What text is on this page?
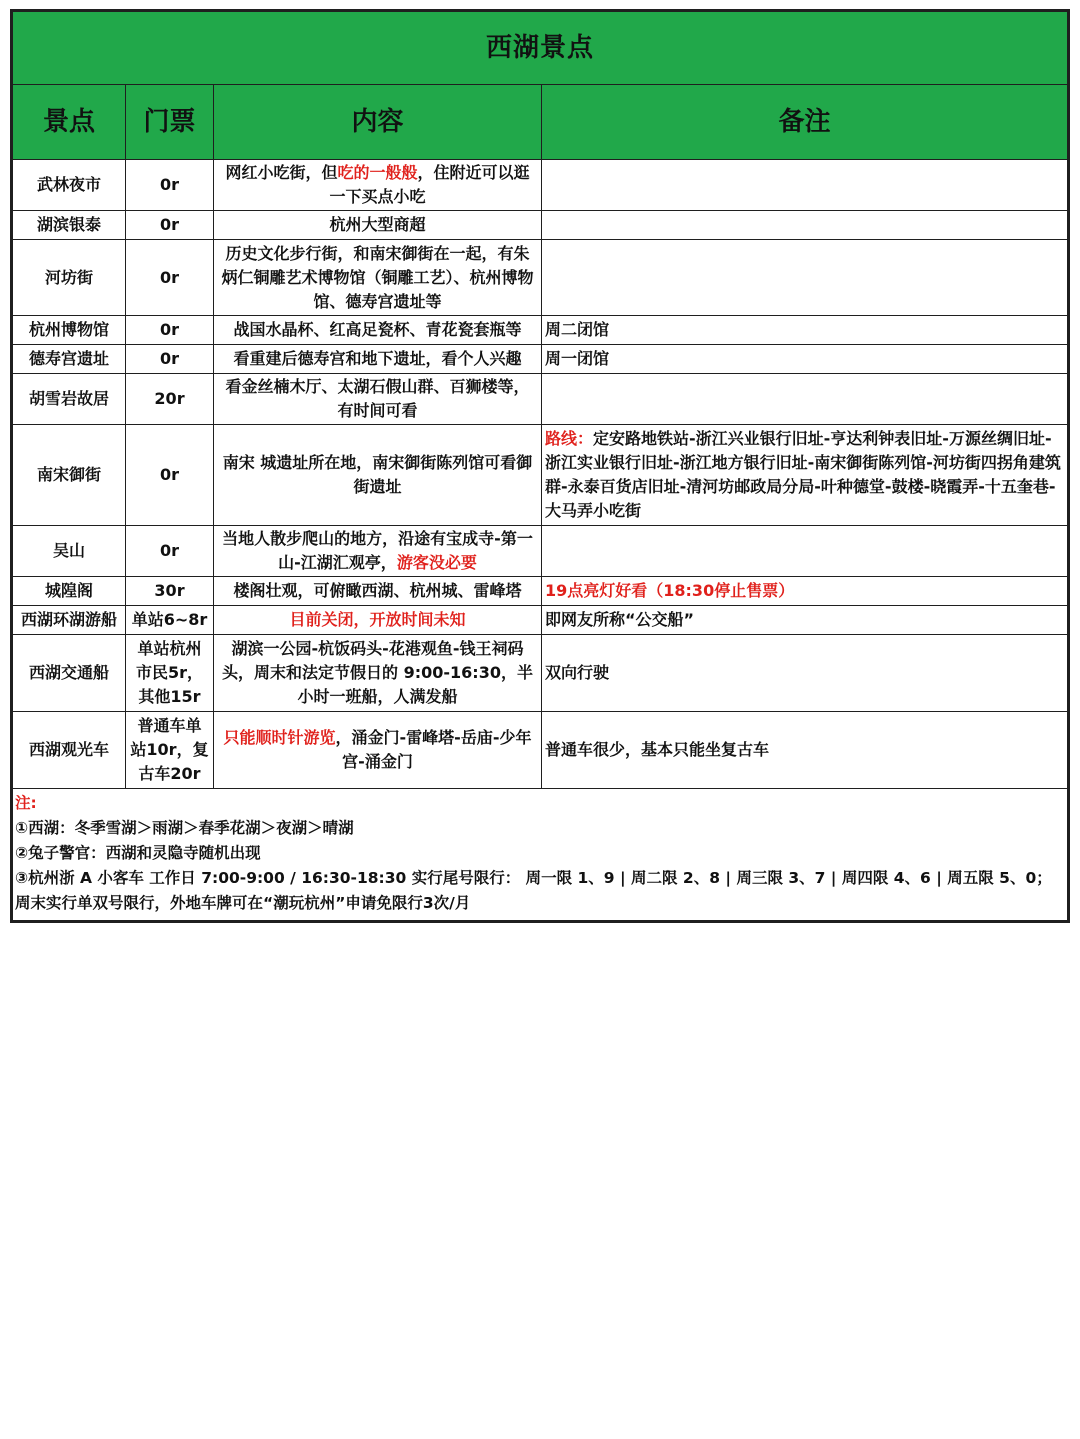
西湖景点			
景点	门票	内容	备注
武林夜市	0r	网红小吃街，但吃的一般般，住附近可以逛一下买点小吃	
湖滨银泰	0r	杭州大型商超	
河坊街	0r	历史文化步行街，和南宋御街在一起，有朱炳仁铜雕艺术博物馆（铜雕工艺）、杭州博物馆、德寿宫遗址等	
杭州博物馆	0r	战国水晶杯、红高足瓷杯、青花瓷套瓶等	周二闭馆
德寿宫遗址	0r	看重建后德寿宫和地下遗址，看个人兴趣	周一闭馆
胡雪岩故居	20r	看金丝楠木厅、太湖石假山群、百狮楼等，有时间可看	
南宋御街	0r	南宋 城遗址所在地，南宋御街陈列馆可看御街遗址	路线：定安路地铁站-浙江兴业银行旧址-亨达利钟表旧址-万源丝绸旧址-浙江实业银行旧址-浙江地方银行旧址-南宋御街陈列馆-河坊街四拐角建筑群-永泰百货店旧址-清河坊邮政局分局-叶种德堂-鼓楼-晓霞弄-十五奎巷-大马弄小吃街
吴山	0r	当地人散步爬山的地方，沿途有宝成寺-第一山-江湖汇观亭，游客没必要	
城隍阁	30r	楼阁壮观，可俯瞰西湖、杭州城、雷峰塔	19点亮灯好看（18:30停止售票）
西湖环湖游船	单站6~8r	目前关闭，开放时间未知	即网友所称“公交船”
西湖交通船	单站杭州市民5r，其他15r	湖滨一公园-杭饭码头-花港观鱼-钱王祠码头，周末和法定节假日的 9:00-16:30，半小时一班船，人满发船	双向行驶
西湖观光车	普通车单站10r，复古车20r	只能顺时针游览，涌金门-雷峰塔-岳庙-少年宫-涌金门	普通车很少，基本只能坐复古车

注:
①西湖：冬季雪湖＞雨湖＞春季花湖＞夜湖＞晴湖
②兔子警官：西湖和灵隐寺随机出现
③杭州浙 A 小客车 工作日 7:00-9:00 / 16:30-18:30 实行尾号限行： 周一限 1、9 | 周二限 2、8 | 周三限 3、7 | 周四限 4、6 | 周五限 5、0；
周末实行单双号限行，外地车牌可在“潮玩杭州”申请免限行3次/月			
